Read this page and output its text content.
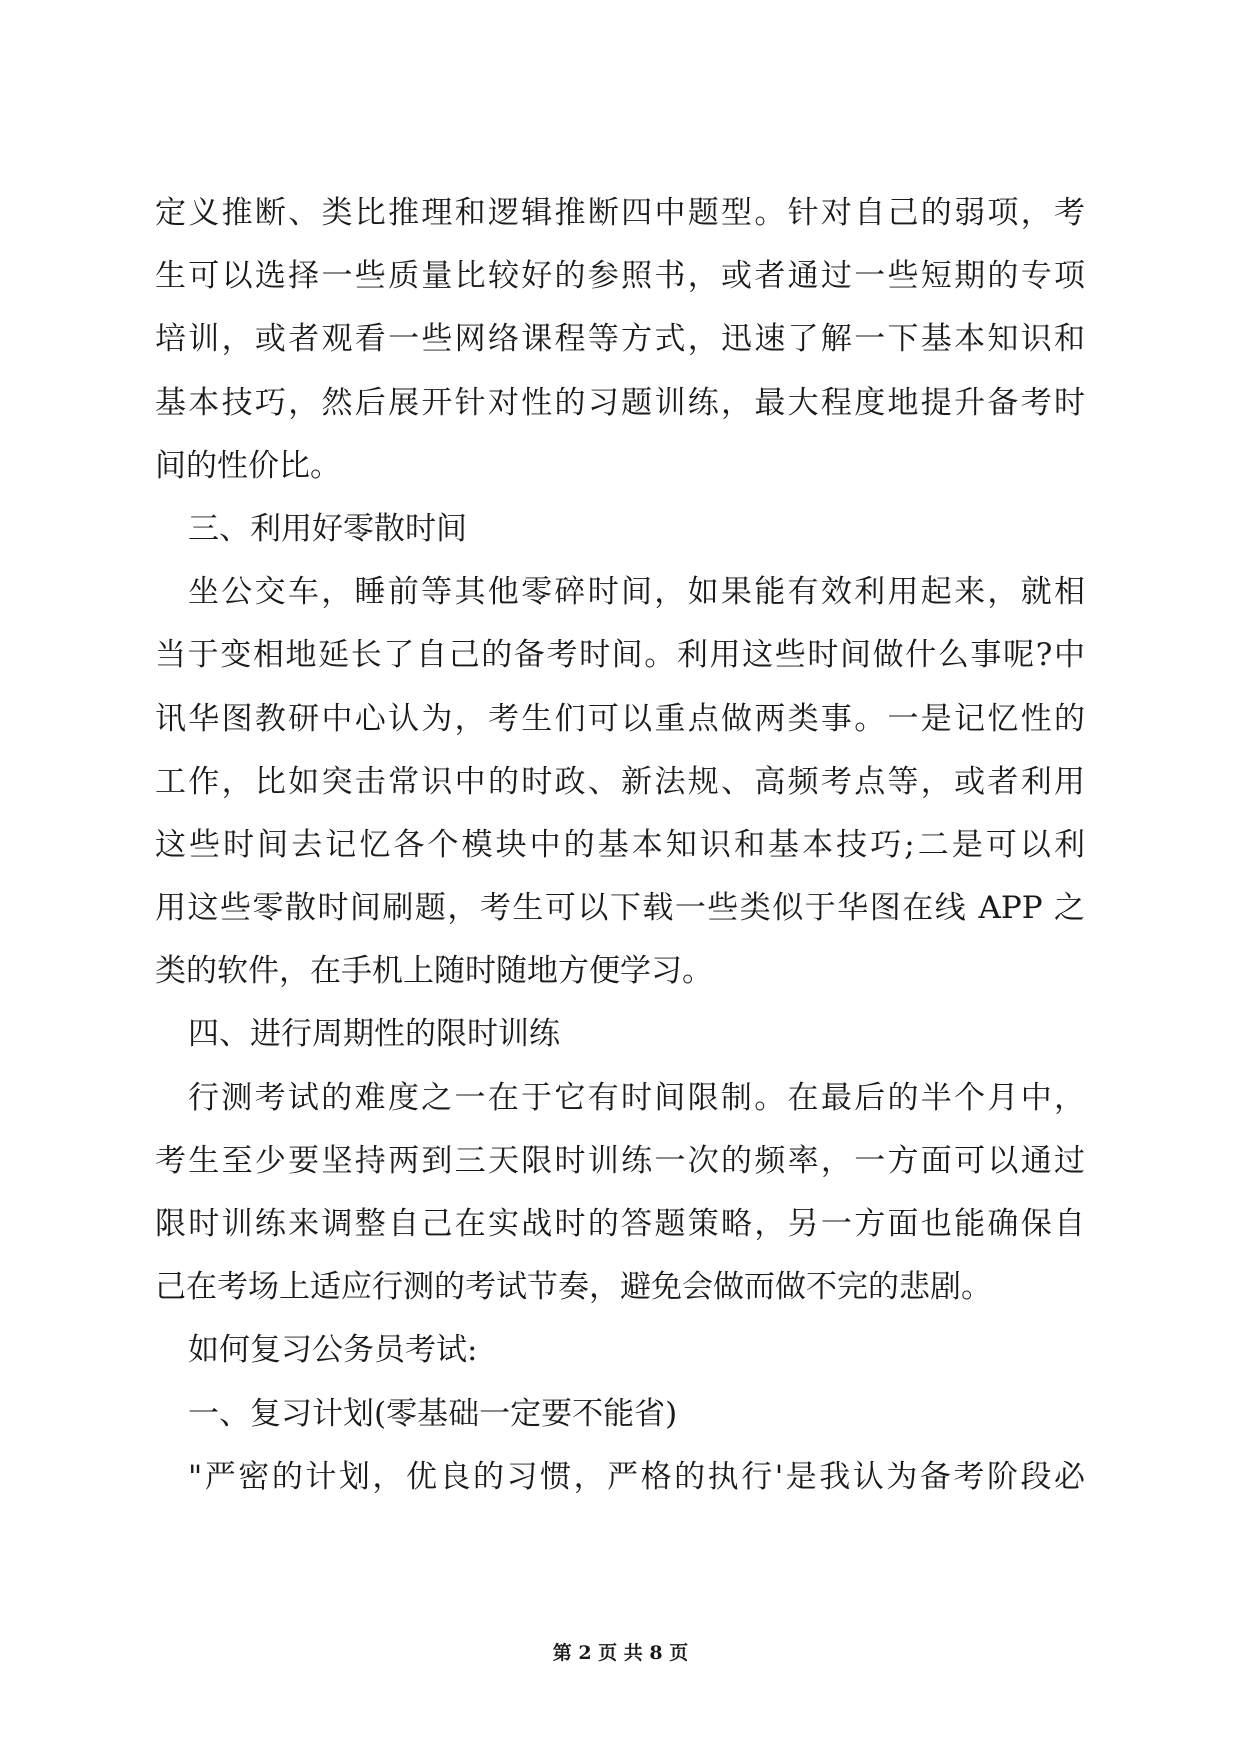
定义推断、类比推理和逻辑推断四中题型。针对自己的弱项，考
生可以选择一些质量比较好的参照书，或者通过一些短期的专项
培训，或者观看一些网络课程等方式，迅速了解一下基本知识和
基本技巧，然后展开针对性的习题训练，最大程度地提升备考时
间的性价比。
三、利用好零散时间
坐公交车，睡前等其他零碎时间，如果能有效利用起来，就相
当于变相地延长了自己的备考时间。利用这些时间做什么事呢?中
讯华图教研中心认为，考生们可以重点做两类事。一是记忆性的
工作，比如突击常识中的时政、新法规、高频考点等，或者利用
这些时间去记忆各个模块中的基本知识和基本技巧;二是可以利
用这些零散时间刷题，考生可以下载一些类似于华图在线 APP 之
类的软件，在手机上随时随地方便学习。
四、进行周期性的限时训练
行测考试的难度之一在于它有时间限制。在最后的半个月中，
考生至少要坚持两到三天限时训练一次的频率，一方面可以通过
限时训练来调整自己在实战时的答题策略，另一方面也能确保自
己在考场上适应行测的考试节奏，避免会做而做不完的悲剧。
如何复习公务员考试:
一、复习计划(零基础一定要不能省)
"严密的计划，优良的习惯，严格的执行'是我认为备考阶段必
第 2 页 共 8 页
